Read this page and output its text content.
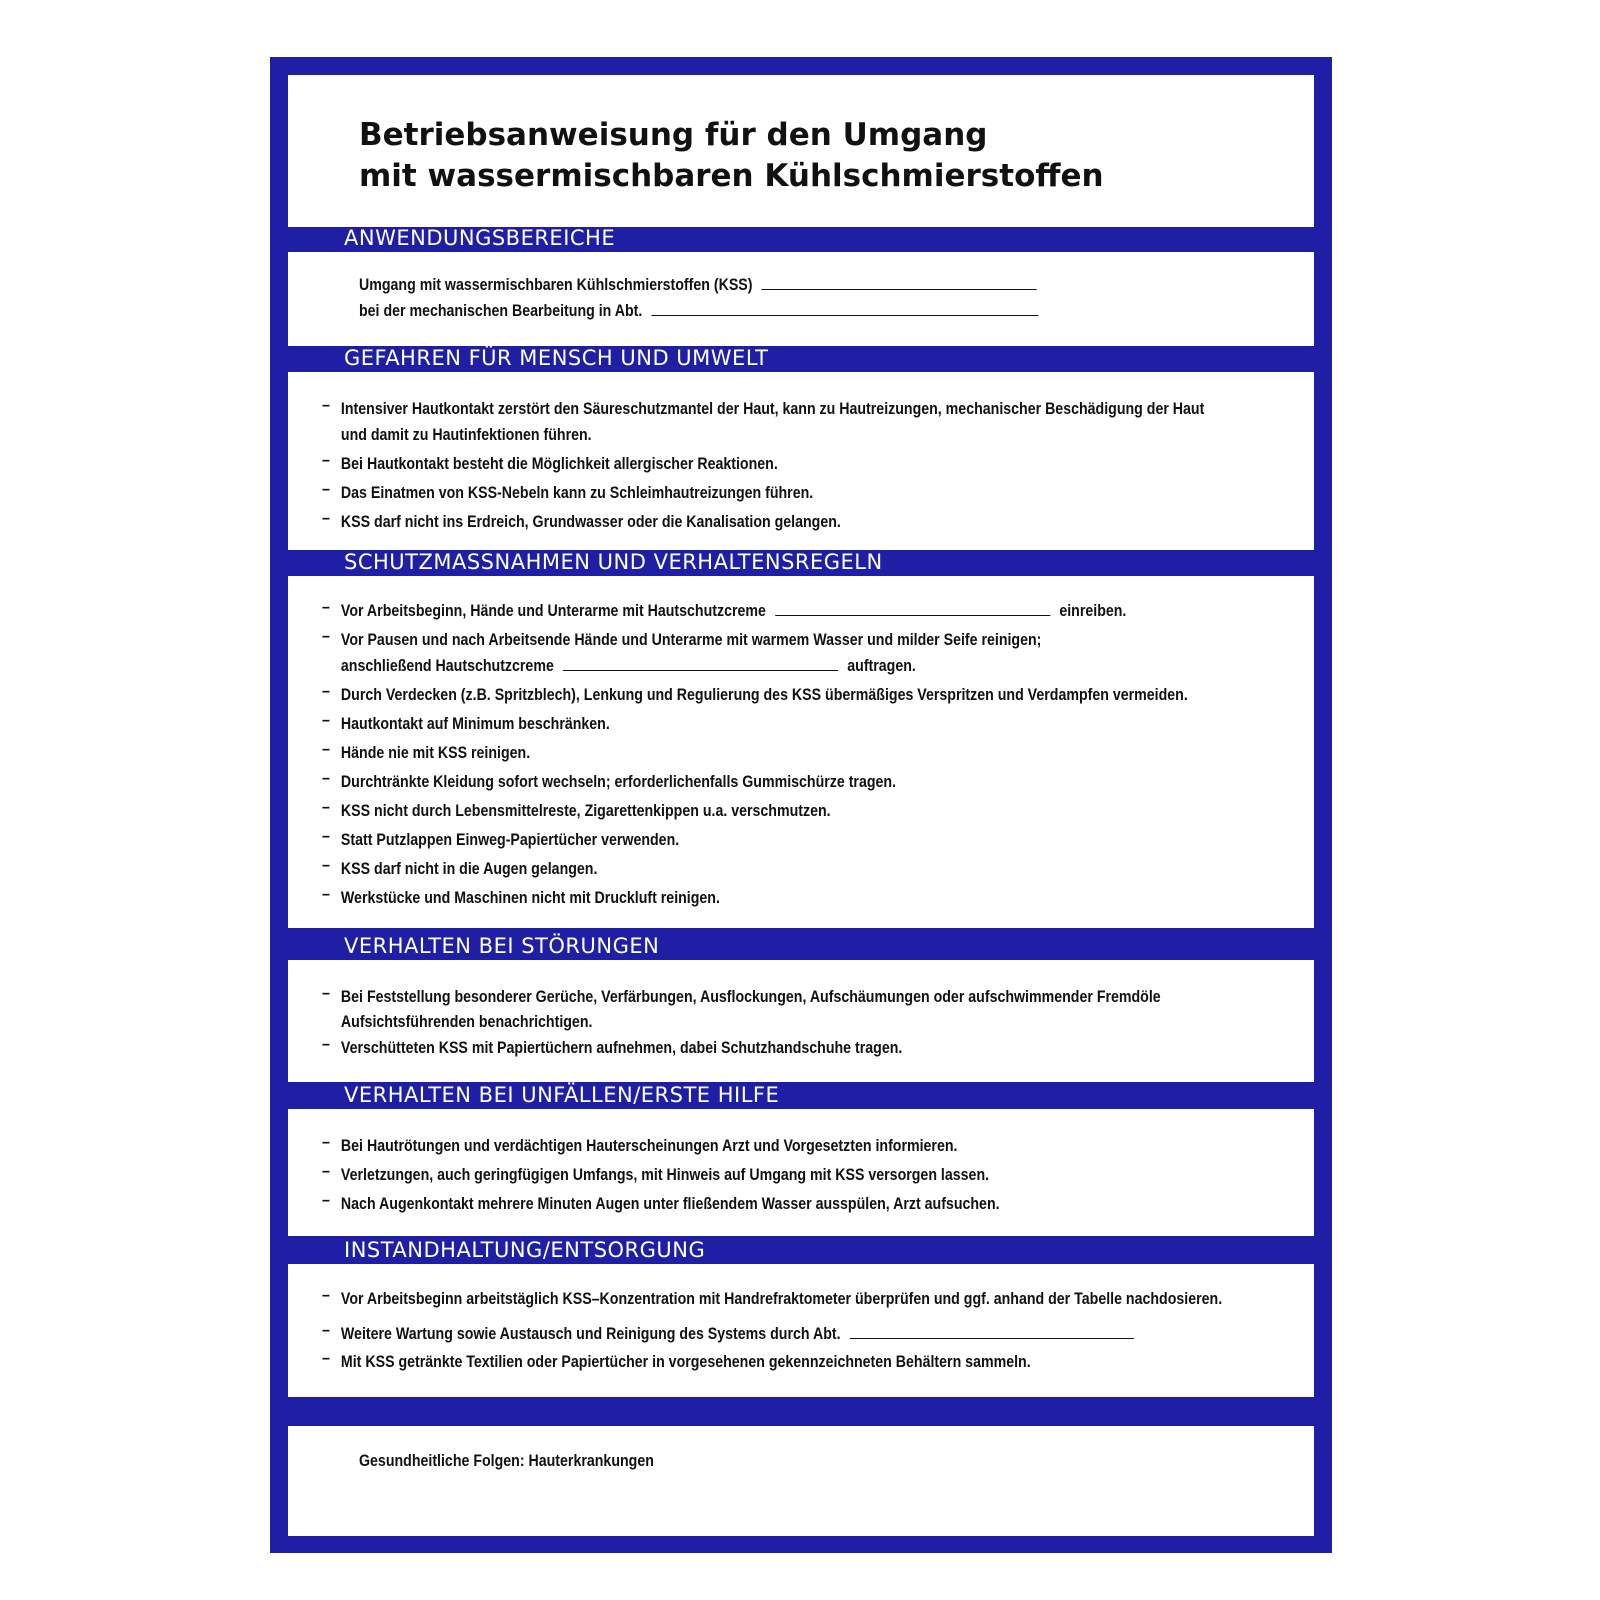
Betriebsanweisung für den Umgang
mit wassermischbaren Kühlschmierstoffen
ANWENDUNGSBEREICHE
Umgang mit wassermischbaren Kühlschmierstoffen (KSS)
bei der mechanischen Bearbeitung in Abt.
GEFAHREN FÜR MENSCH UND UMWELT
– Intensiver Hautkontakt zerstört den Säureschutzmantel der Haut, kann zu Hautreizungen, mechanischer Beschädigung der Haut
und damit zu Hautinfektionen führen.
– Bei Hautkontakt besteht die Möglichkeit allergischer Reaktionen.
– Das Einatmen von KSS-Nebeln kann zu Schleimhautreizungen führen.
– KSS darf nicht ins Erdreich, Grundwasser oder die Kanalisation gelangen.
SCHUTZMASSNAHMEN UND VERHALTENSREGELN
– Vor Arbeitsbeginn, Hände und Unterarme mit Hautschutzcreme	einreiben.
– Vor Pausen und nach Arbeitsende Hände und Unterarme mit warmem Wasser und milder Seife reinigen;
anschließend Hautschutzcreme	auftragen.
– Durch Verdecken (z.B. Spritzblech), Lenkung und Regulierung des KSS übermäßiges Verspritzen und Verdampfen vermeiden.
– Hautkontakt auf Minimum beschränken.
– Hände nie mit KSS reinigen.
– Durchtränkte Kleidung sofort wechseln; erforderlichenfalls Gummischürze tragen.
– KSS nicht durch Lebensmittelreste, Zigarettenkippen u.a. verschmutzen.
– Statt Putzlappen Einweg-Papiertücher verwenden.
– KSS darf nicht in die Augen gelangen.
– Werkstücke und Maschinen nicht mit Druckluft reinigen.
VERHALTEN BEI STÖRUNGEN
– Bei Feststellung besonderer Gerüche, Verfärbungen, Ausflockungen, Aufschäumungen oder aufschwimmender Fremdöle
Aufsichtsführenden benachrichtigen.
– Verschütteten KSS mit Papiertüchern aufnehmen, dabei Schutzhandschuhe tragen.
VERHALTEN BEI UNFÄLLEN/ERSTE HILFE
– Bei Hautrötungen und verdächtigen Hauterscheinungen Arzt und Vorgesetzten informieren.
– Verletzungen, auch geringfügigen Umfangs, mit Hinweis auf Umgang mit KSS versorgen lassen.
– Nach Augenkontakt mehrere Minuten Augen unter fließendem Wasser ausspülen, Arzt aufsuchen.
INSTANDHALTUNG/ENTSORGUNG
– Vor Arbeitsbeginn arbeitstäglich KSS–Konzentration mit Handrefraktometer überprüfen und ggf. anhand der Tabelle nachdosieren.
– Weitere Wartung sowie Austausch und Reinigung des Systems durch Abt.
– Mit KSS getränkte Textilien oder Papiertücher in vorgesehenen gekennzeichneten Behältern sammeln.
Gesundheitliche Folgen: Hauterkrankungen
